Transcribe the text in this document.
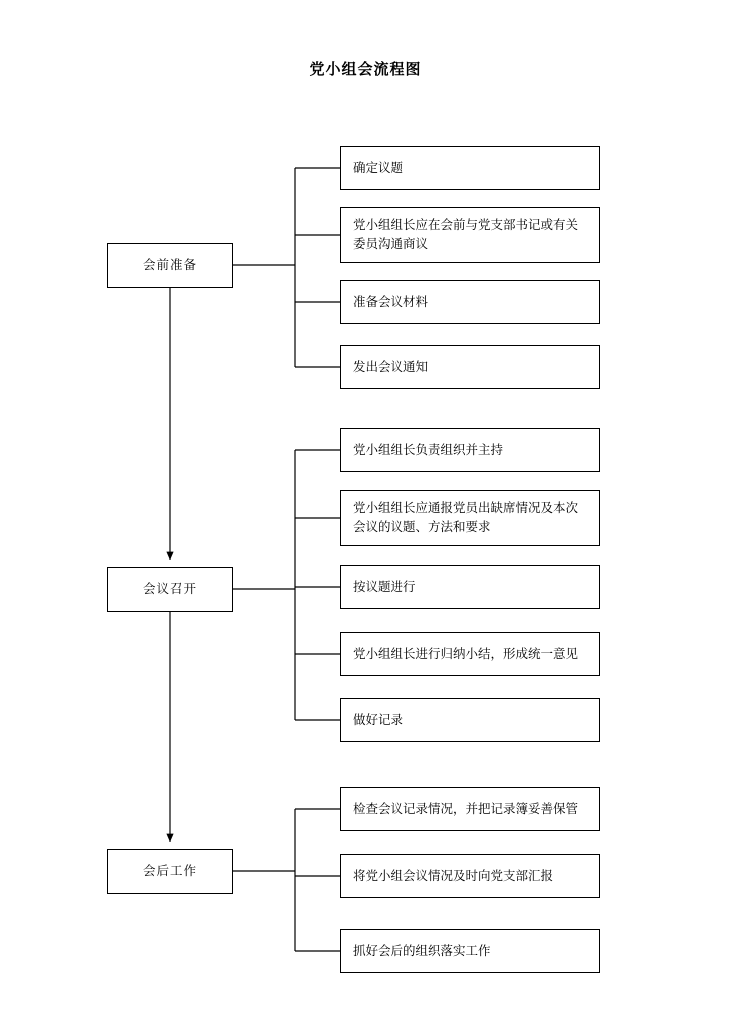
党小组会流程图
会前准备
确定议题
党小组组长应在会前与党支部书记或有关委员沟通商议
准备会议材料
发出会议通知
会议召开
党小组组长负责组织并主持
党小组组长应通报党员出缺席情况及本次会议的议题、方法和要求
按议题进行
党小组组长进行归纳小结，形成统一意见
做好记录
会后工作
检查会议记录情况，并把记录簿妥善保管
将党小组会议情况及时向党支部汇报
抓好会后的组织落实工作
